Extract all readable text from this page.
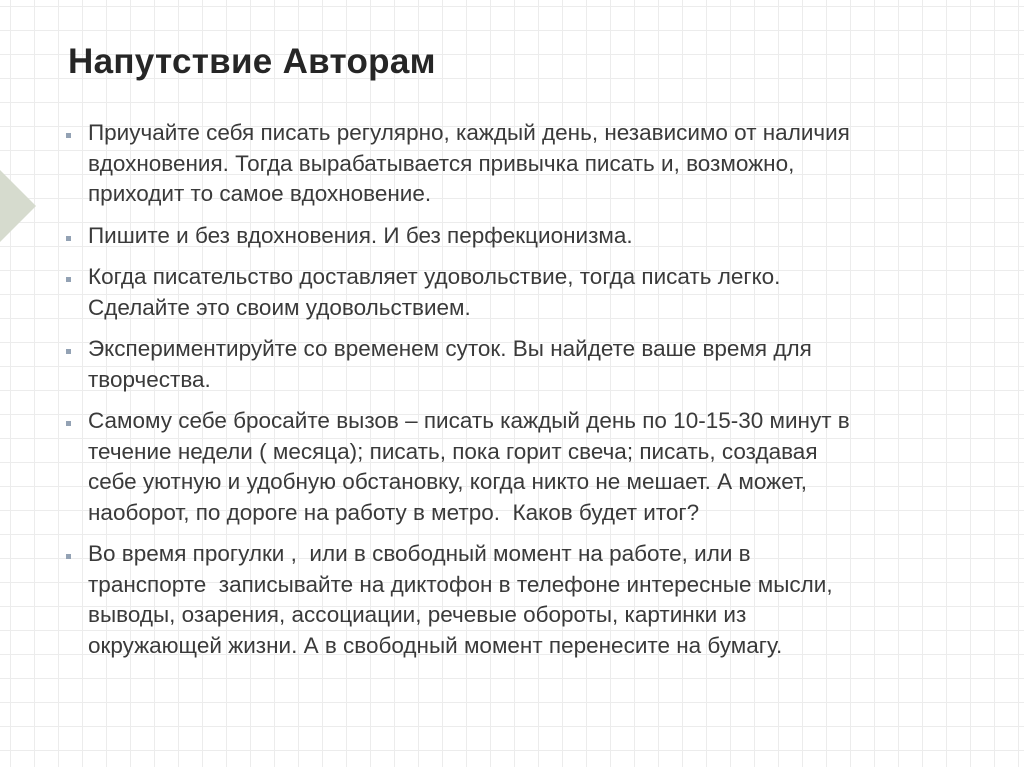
Напутствие Авторам
Приучайте себя писать регулярно, каждый день, независимо от наличия
вдохновения. Тогда вырабатывается привычка писать и, возможно,
приходит то самое вдохновение.
Пишите и без вдохновения. И без перфекционизма.
Когда писательство доставляет удовольствие, тогда писать легко.
Сделайте это своим удовольствием.
Экспериментируйте со временем суток. Вы найдете ваше время для
творчества.
Самому себе бросайте вызов – писать каждый день по 10-15-30 минут в
течение недели ( месяца); писать, пока горит свеча; писать, создавая
себе уютную и удобную обстановку, когда никто не мешает. А может,
наоборот, по дороге на работу в метро.  Каков будет итог?
Во время прогулки ,  или в свободный момент на работе, или в
транспорте  записывайте на диктофон в телефоне интересные мысли,
выводы, озарения, ассоциации, речевые обороты, картинки из
окружающей жизни. А в свободный момент перенесите на бумагу.
